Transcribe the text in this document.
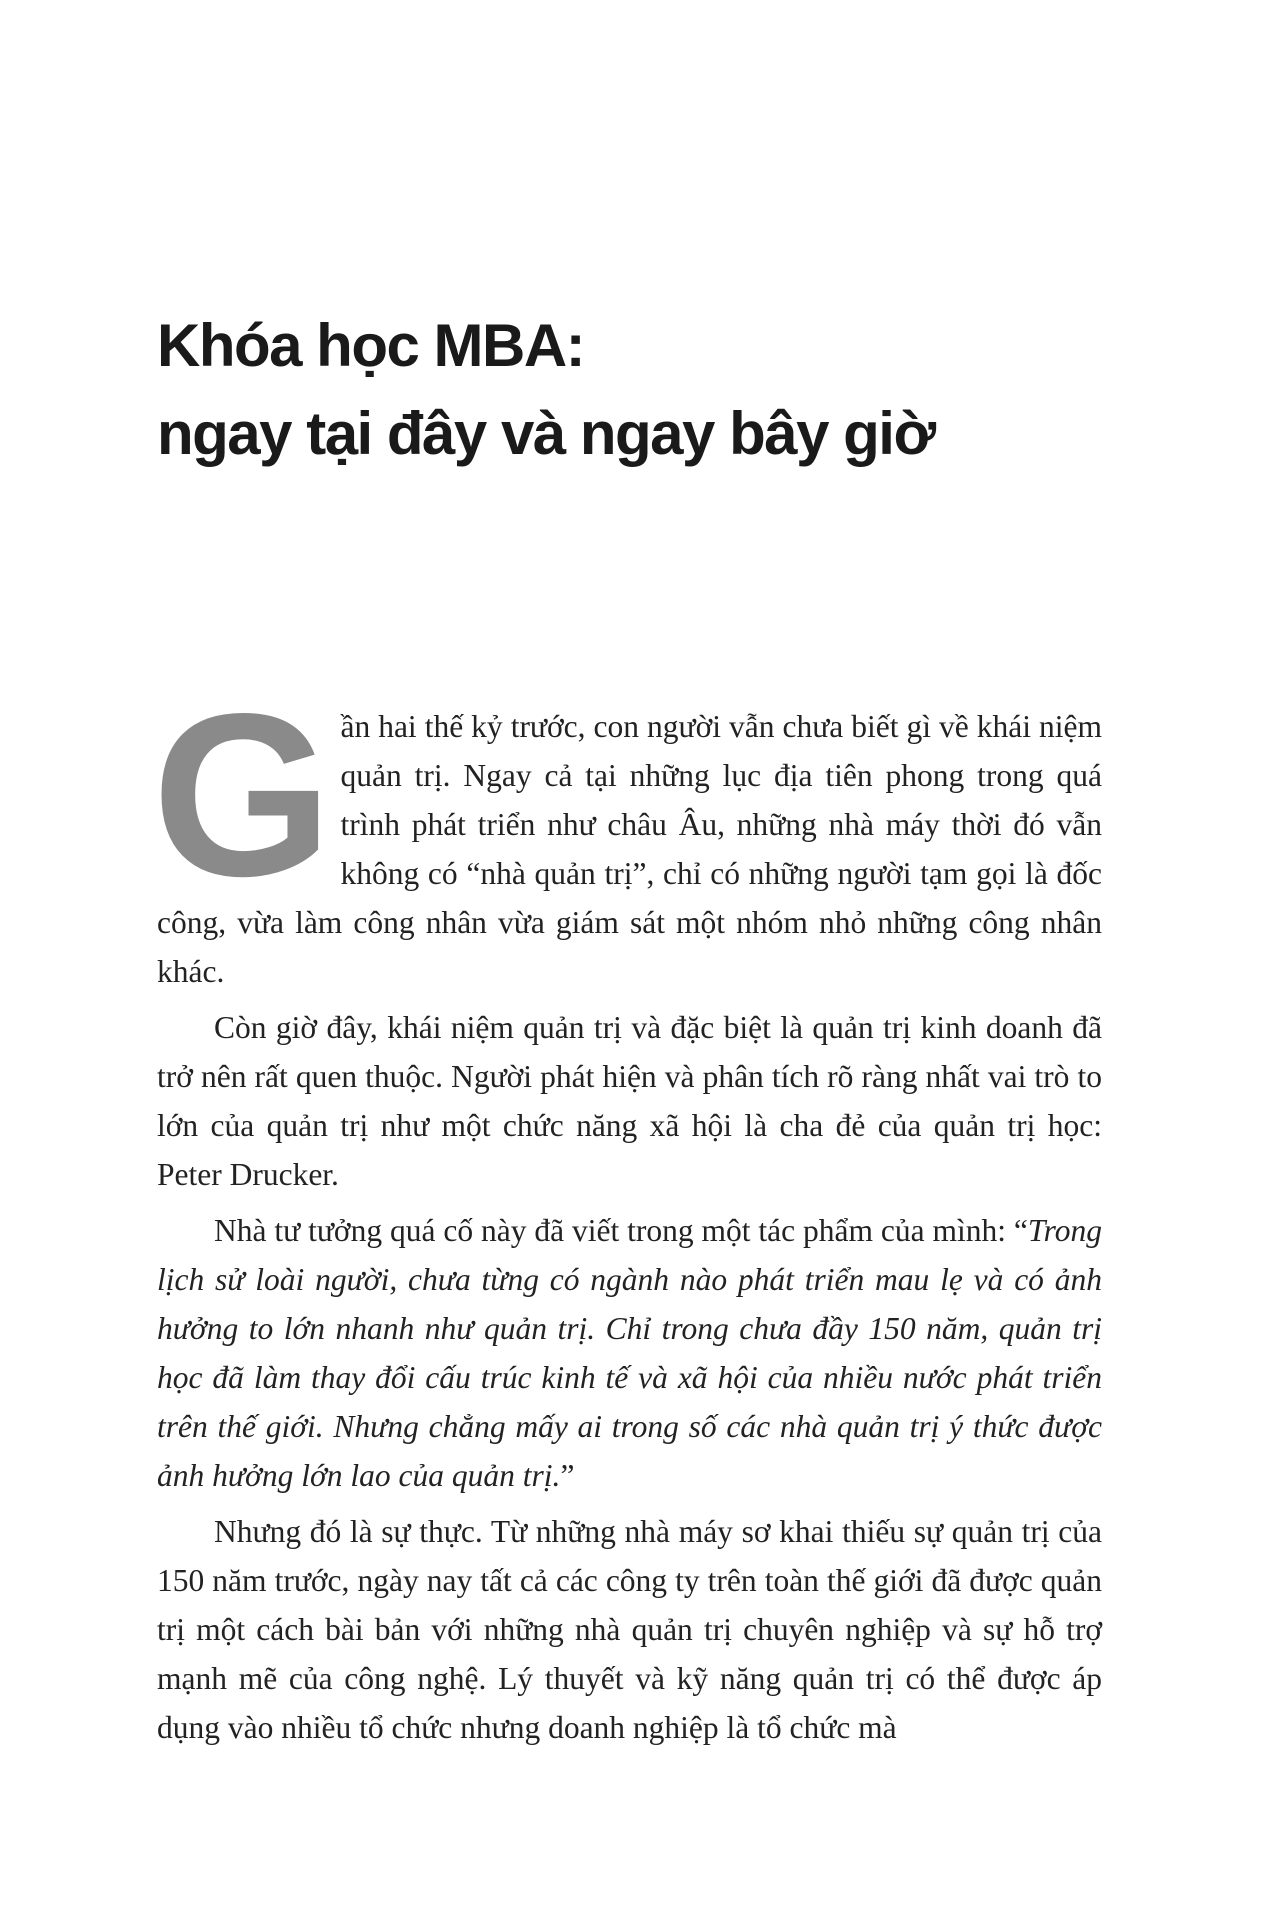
Khóa học MBA:
ngay tại đây và ngay bây giờ

Gần hai thế kỷ trước, con người vẫn chưa biết gì về khái niệm quản trị. Ngay cả tại những lục địa tiên phong trong quá trình phát triển như châu Âu, những nhà máy thời đó vẫn không có “nhà quản trị”, chỉ có những người tạm gọi là đốc công, vừa làm công nhân vừa giám sát một nhóm nhỏ những công nhân khác.

Còn giờ đây, khái niệm quản trị và đặc biệt là quản trị kinh doanh đã trở nên rất quen thuộc. Người phát hiện và phân tích rõ ràng nhất vai trò to lớn của quản trị như một chức năng xã hội là cha đẻ của quản trị học: Peter Drucker.

Nhà tư tưởng quá cố này đã viết trong một tác phẩm của mình: “Trong lịch sử loài người, chưa từng có ngành nào phát triển mau lẹ và có ảnh hưởng to lớn nhanh như quản trị. Chỉ trong chưa đầy 150 năm, quản trị học đã làm thay đổi cấu trúc kinh tế và xã hội của nhiều nước phát triển trên thế giới. Nhưng chẳng mấy ai trong số các nhà quản trị ý thức được ảnh hưởng lớn lao của quản trị.”

Nhưng đó là sự thực. Từ những nhà máy sơ khai thiếu sự quản trị của 150 năm trước, ngày nay tất cả các công ty trên toàn thế giới đã được quản trị một cách bài bản với những nhà quản trị chuyên nghiệp và sự hỗ trợ mạnh mẽ của công nghệ. Lý thuyết và kỹ năng quản trị có thể được áp dụng vào nhiều tổ chức nhưng doanh nghiệp là tổ chức mà
